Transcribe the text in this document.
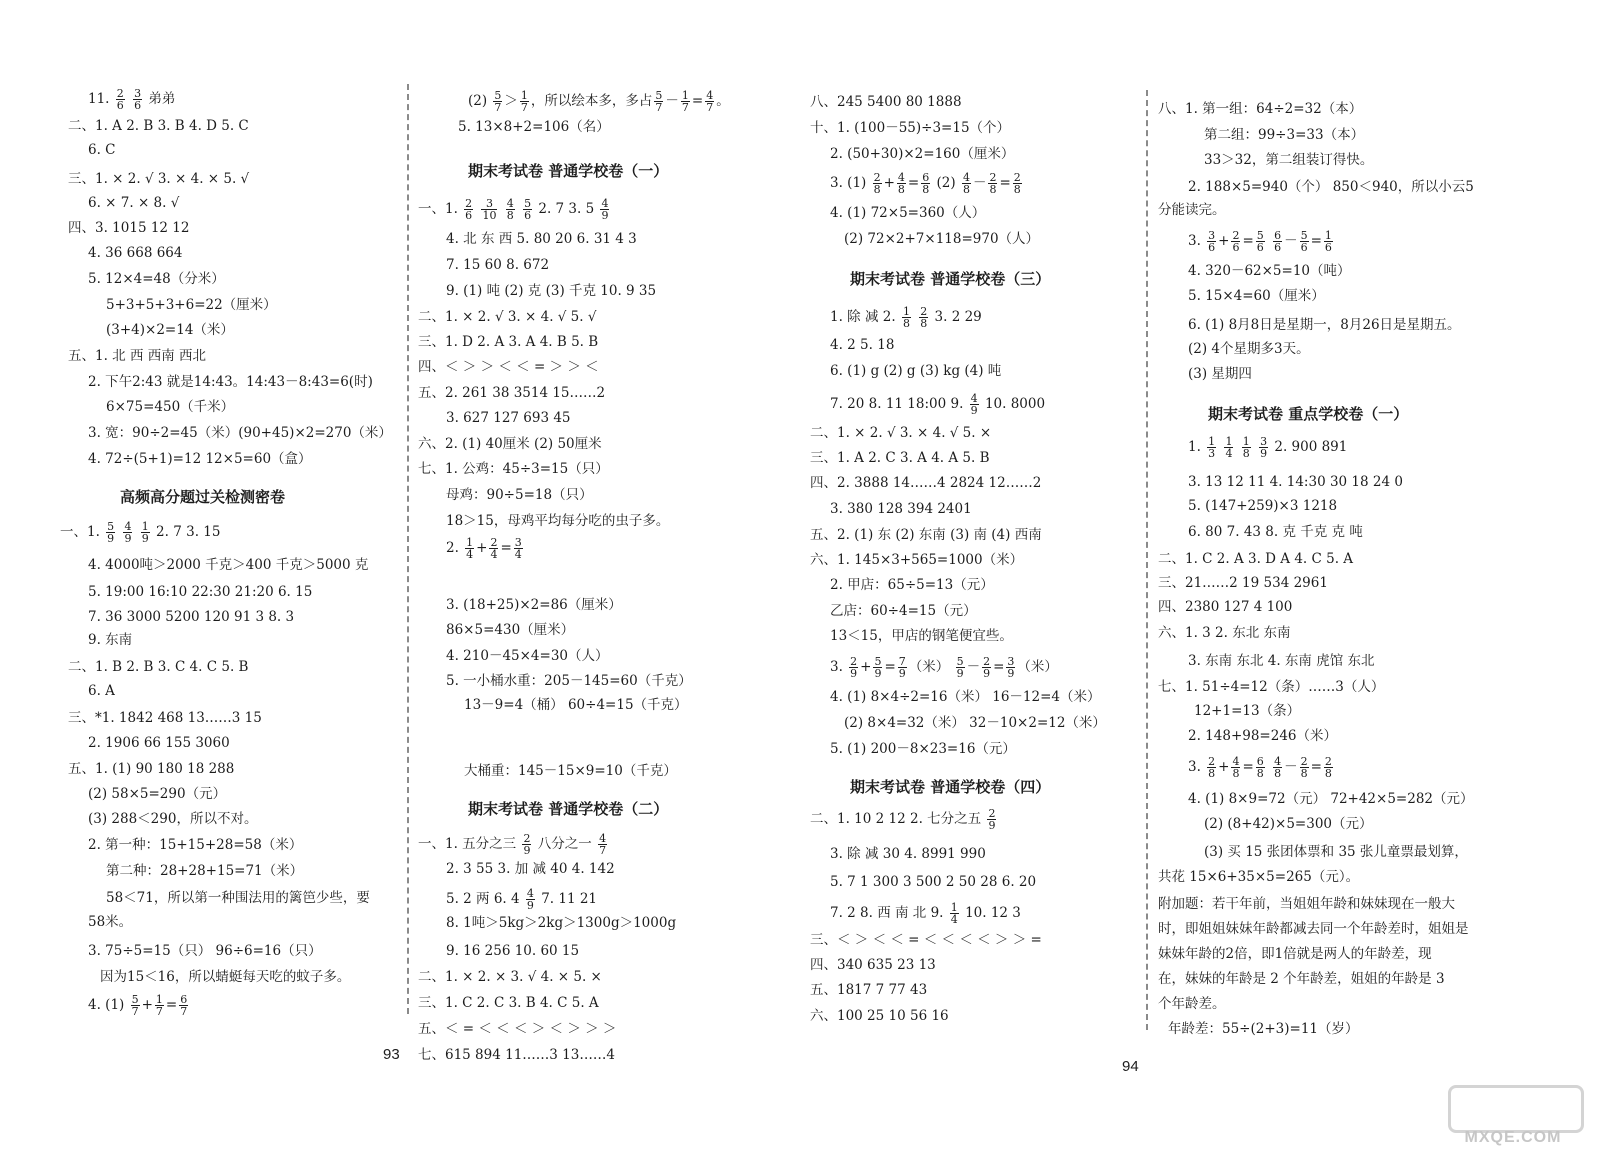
11. $\frac{2}{6}$
$\frac{3}{6}$ 弟弟
二、1. A 2. B 3. B 4. D 5. C
6. C
三、1. × 2. √ 3. × 4. × 5. √
6. × 7. × 8. √
四、3. 1015 12 12
4. 36 668 664
5. 12×4=48（分米）
5+3+5+3+6=22（厘米）
(3+4)×2=14（米）
五、1. 北 西 西南 西北
2. 下午2:43 就是14:43。14:43－8:43=6(时)
6×75=450（千米）
3. 宽：90÷2=45（米）(90+45)×2=270（米）
4. 72÷(5+1)=12 12×5=60（盒）
高频高分题过关检测密卷
一、1. $\frac{5}{9}$
$\frac{4}{9}$
$\frac{1}{9} 2$. 7 3. 15
4. 4000吨＞2000 千克＞400 千克＞5000 克
5. 19:00 16:10 22:30 21:20 6. 15
7. 36 3000 5200 120 91 3 8. 3
9. 东南
二、1. B 2. B 3. C 4. C 5. B
6. A
三、*1. 1842 468 13……3 15
2. 1906 66 155 3060
五、1. (1) 90 180 18 288
(2) 58×5=290（元）
(3) 288＜290，所以不对。
2. 第一种：15+15+28=58（米）
第二种：28+28+15=71（米）
58＜71，所以第一种围法用的篱笆少些，要
58米。
3. 75÷5=15（只） 96÷6=16（只）
因为15＜16，所以蜻蜓每天吃的蚊子多。
4. $(1) \frac{5}{7} + \frac{1}{7} = \frac{6}{7}$
$(2) \frac{5}{7} > \frac{1}{7}$ ，所以绘本多，多占 $\frac{5}{7} - \frac{1}{7} = \frac{4}{7}$ 。
5. 13×8+2=106（名）
期末考试卷 普通学校卷（一）
一、1. $\frac{2}{6}$
$\frac{3}{10}$
$\frac{4}{8}$
$\frac{5}{6} 2$. 7 3. $5 \frac{4}{9}$
4. 北 东 西 5. 80 20 6. 31 4 3
7. 15 60 8. 672
9. (1) 吨 (2) 克 (3) 千克 10. 9 35
二、1. × 2. √ 3. × 4. √ 5. √
三、1. D 2. A 3. A 4. B 5. B
四、＜ ＞ ＞ ＜ ＜ = ＞ ＞ ＜
五、2. 261 38 3514 15……2
3. 627 127 693 45
六、2. (1) 40厘米 (2) 50厘米
七、1. 公鸡：45÷3=15（只）
母鸡：90÷5=18（只）
18＞15，母鸡平均每分吃的虫子多。
2. $\frac{1}{4} + \frac{2}{4} = \frac{3}{4}$
3. (18+25)×2=86（厘米）
86×5=430（厘米）
4. 210－45×4=30（人）
5. 一小桶水重：205－145=60（千克）
13－9=4（桶） 60÷4=15（千克）
大桶重：145－15×9=10（千克）
期末考试卷 普通学校卷（二）
一、1. 五分之三 $\frac{2}{9}$ 八分之一 $\frac{4}{7}$
2. 3 55 3. 加 减 40 4. 142
5. 2 两 6. $4 \frac{4}{9} 7$. 11 21
8. 1吨＞5kg＞2kg＞1300g＞1000g
9. 16 256 10. 60 15
二、1. × 2. × 3. √ 4. × 5. ×
三、1. C 2. C 3. B 4. C 5. A
五、＜ = ＜ ＜ ＜ ＞ ＜ ＞ ＞ ＞
七、615 894 11……3 13……4
八、245 5400 80 1888
十、1. (100－55)÷3=15（个）
2. (50+30)×2=160（厘米）
3. $(1) \frac{2}{8} + \frac{4}{8} = \frac{6}{8} (2) \frac{4}{8} - \frac{2}{8} = \frac{2}{8}$
4. (1) 72×5=360（人）
(2) 72×2+7×118=970（人）
期末考试卷 普通学校卷（三）
1. 除 减 2. $\frac{1}{8}$
$\frac{2}{8} 3$. 2 29
4. 2 5. 18
6. (1) g (2) g (3) kg (4) 吨
7. 20 8. 11 18:00 9. $\frac{4}{9} 10$. 8000
二、1. × 2. √ 3. × 4. √ 5. ×
三、1. A 2. C 3. A 4. A 5. B
四、2. 3888 14……4 2824 12……2
3. 380 128 394 2401
五、2. (1) 东 (2) 东南 (3) 南 (4) 西南
六、1. 145×3+565=1000（米）
2. 甲店：65÷5=13（元）
乙店：60÷4=15（元）
13＜15，甲店的钢笔便宜些。
3. $\frac{2}{9} + \frac{5}{9} = \frac{7}{9}$ （米） $\frac{5}{9} - \frac{2}{9} = \frac{3}{9}$ （米）
4. (1) 8×4÷2=16（米） 16－12=4（米）
(2) 8×4=32（米） 32－10×2=12（米）
5. (1) 200－8×23=16（元）
期末考试卷 普通学校卷（四）
二、1. 10 2 12 2. 七分之五 $\frac{2}{9}$
3. 除 减 30 4. 8991 990
5. 7 1 300 3 500 2 50 28 6. 20
7. 2 8. 西 南 北 9. $\frac{1}{4} 10$. 12 3
三、＜ ＞ ＜ ＜ = ＜ ＜ ＜ ＜ ＞ ＞ =
四、340 635 23 13
五、1817 7 77 43
六、100 25 10 56 16
八、1. 第一组：64÷2=32（本）
第二组：99÷3=33（本）
33＞32，第二组装订得快。
2. 188×5=940（个） 850＜940，所以小云5
分能读完。
3. $\frac{3}{6} + \frac{2}{6} = \frac{5}{6}$
$\frac{6}{6} - \frac{5}{6} = \frac{1}{6}$
4. 320－62×5=10（吨）
5. 15×4=60（厘米）
6. (1) 8月8日是星期一，8月26日是星期五。
(2) 4个星期多3天。
(3) 星期四
期末考试卷 重点学校卷（一）
1. $\frac{1}{3}$
$\frac{1}{4}$
$\frac{1}{8}$
$\frac{3}{9} 2$. 900 891
3. 13 12 11 4. 14:30 30 18 24 0
5. (147+259)×3 1218
6. 80 7. 43 8. 克 千克 克 吨
二、1. C 2. A 3. D A 4. C 5. A
三、21……2 19 534 2961
四、2380 127 4 100
六、1. 3 2. 东北 东南
3. 东南 东北 4. 东南 虎馆 东北
七、1. 51÷4=12（条）……3（人）
12+1=13（条）
2. 148+98=246（米）
3. $\frac{2}{8} + \frac{4}{8} = \frac{6}{8}$
$\frac{4}{8} - \frac{2}{8} = \frac{2}{8}$
4. (1) 8×9=72（元） 72+42×5=282（元）
(2) (8+42)×5=300（元）
(3) 买 15 张团体票和 35 张儿童票最划算，
共花 15×6+35×5=265（元）。
附加题：若干年前，当姐姐年龄和妹妹现在一般大
时，即姐姐妹妹年龄都减去同一个年龄差时，姐姐是
妹妹年龄的2倍，即1倍就是两人的年龄差，现
在，妹妹的年龄是 2 个年龄差，姐姐的年龄是 3
个年龄差。
年龄差：55÷(2+3)=11（岁）
93
94
MXQE.COM
